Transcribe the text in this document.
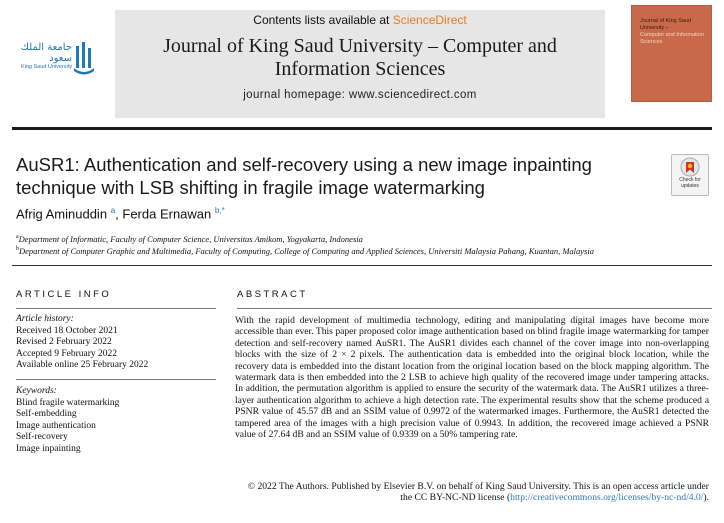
جامعة الملك سعود
King Saud University
Contents lists available at ScienceDirect
Journal of King Saud University – Computer and Information Sciences
journal homepage: www.sciencedirect.com
Journal of King Saud University –
Computer and Information Sciences
AuSR1: Authentication and self-recovery using a new image inpainting technique with LSB shifting in fragile image watermarking	Check for updates
Afrig Aminuddin $^a$, Ferda Ernawan $^{b,*}$
$^a$Department of Informatic, Faculty of Computer Science, Universitas Amikom, Yogyakarta, Indonesia
$^b$Department of Computer Graphic and Multimedia, Faculty of Computing, College of Computing and Applied Sciences, Universiti Malaysia Pahang, Kuantan, Malaysia
ARTICLE INFO
Article history:
Received 18 October 2021
Revised 2 February 2022
Accepted 9 February 2022
Available online 25 February 2022
Keywords:
Blind fragile watermarking
Self-embedding
Image authentication
Self-recovery
Image inpainting
ABSTRACT
With the rapid development of multimedia technology, editing and manipulating digital images have become more accessible than ever. This paper proposed color image authentication based on blind fragile image watermarking for tamper detection and self-recovery named AuSR1. The AuSR1 divides each channel of the cover image into non-overlapping blocks with the size of 2 × 2 pixels. The authentication data is embedded into the original block location, while the recovery data is embedded into the distant location from the original location based on the block mapping algorithm. The watermark data is then embedded into the 2 LSB to achieve high quality of the recovered image under tampering attacks. In addition, the permutation algorithm is applied to ensure the security of the watermark data. The AuSR1 utilizes a three-layer authentication algorithm to achieve a high detection rate. The experimental results show that the scheme produced a PSNR value of 45.57 dB and an SSIM value of 0.9972 of the watermarked images. Furthermore, the AuSR1 detected the tampered area of the images with a high precision value of 0.9943. In addition, the recovered image achieved a PSNR value of 27.64 dB and an SSIM value of 0.9339 on a 50% tampering rate.
© 2022 The Authors. Published by Elsevier B.V. on behalf of King Saud University. This is an open access article under the CC BY-NC-ND license (http://creativecommons.org/licenses/by-nc-nd/4.0/).
